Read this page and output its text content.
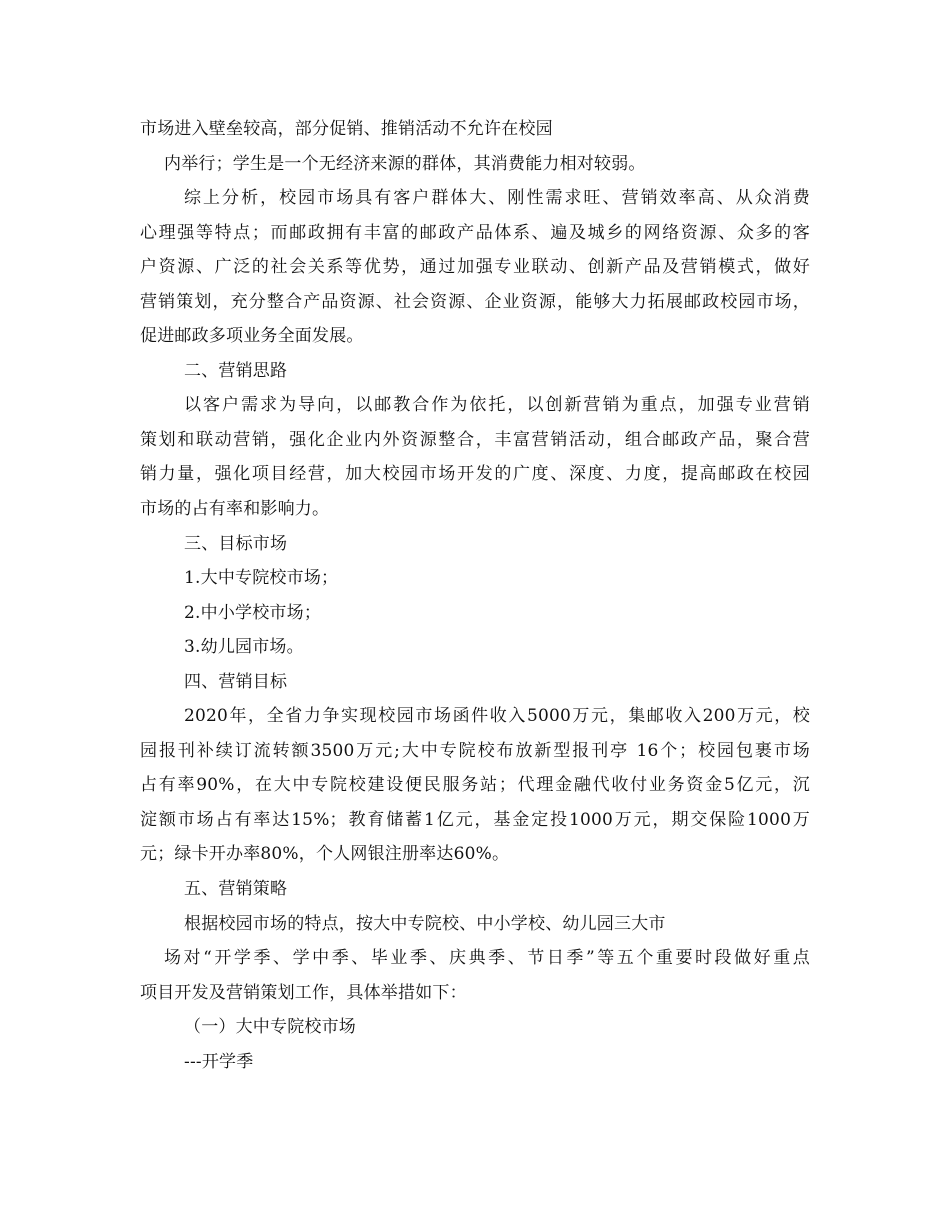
市场进入壁垒较高，部分促销、推销活动不允许在校园
内举行；学生是一个无经济来源的群体，其消费能力相对较弱。
综上分析，校园市场具有客户群体大、刚性需求旺、营销效率高、从众消费
心理强等特点；而邮政拥有丰富的邮政产品体系、遍及城乡的网络资源、众多的客
户资源、广泛的社会关系等优势，通过加强专业联动、创新产品及营销模式，做好
营销策划，充分整合产品资源、社会资源、企业资源，能够大力拓展邮政校园市场，
促进邮政多项业务全面发展。
二、营销思路
以客户需求为导向，以邮教合作为依托，以创新营销为重点，加强专业营销
策划和联动营销，强化企业内外资源整合，丰富营销活动，组合邮政产品，聚合营
销力量，强化项目经营，加大校园市场开发的广度、深度、力度，提高邮政在校园
市场的占有率和影响力。
三、目标市场
1.大中专院校市场；
2.中小学校市场；
3.幼儿园市场。
四、营销目标
2020年，全省力争实现校园市场函件收入5000万元，集邮收入200万元，校
园报刊补续订流转额3500万元;大中专院校布放新型报刊亭 16个；校园包裹市场
占有率90%，在大中专院校建设便民服务站；代理金融代收付业务资金5亿元，沉
淀额市场占有率达15%；教育储蓄1亿元，基金定投1000万元，期交保险1000万
元；绿卡开办率80%，个人网银注册率达60%。
五、营销策略
根据校园市场的特点，按大中专院校、中小学校、幼儿园三大市
场对“开学季、学中季、毕业季、庆典季、节日季”等五个重要时段做好重点
项目开发及营销策划工作，具体举措如下：
（一）大中专院校市场
---开学季
